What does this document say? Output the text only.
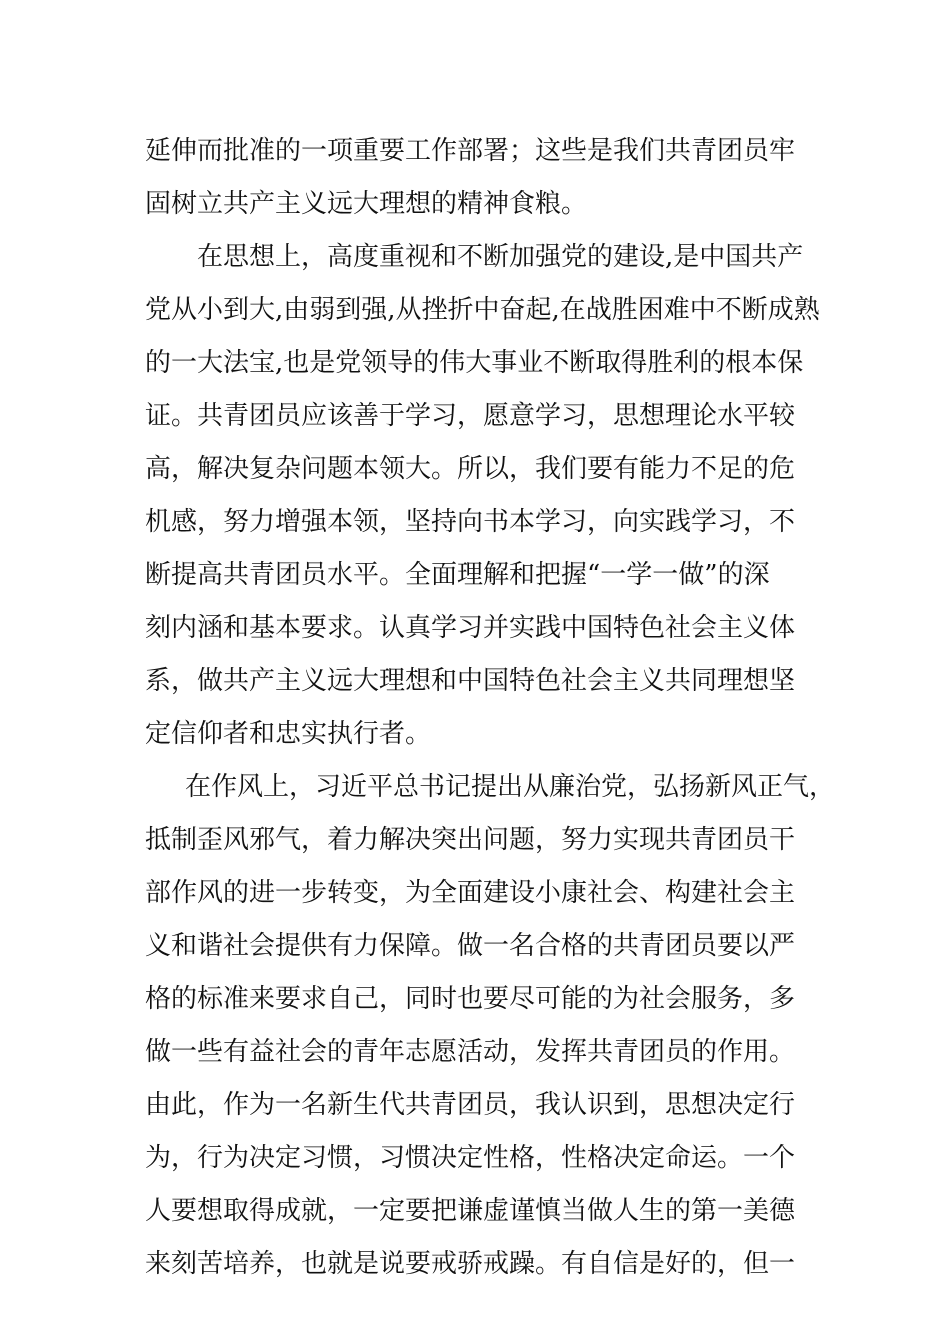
延伸而批准的一项重要工作部署；这些是我们共青团员牢
固树立共产主义远大理想的精神食粮。
在思想上，高度重视和不断加强党的建设,是中国共产
党从小到大,由弱到强,从挫折中奋起,在战胜困难中不断成熟
的一大法宝,也是党领导的伟大事业不断取得胜利的根本保
证。共青团员应该善于学习，愿意学习，思想理论水平较
高，解决复杂问题本领大。所以，我们要有能力不足的危
机感，努力增强本领，坚持向书本学习，向实践学习，不
断提高共青团员水平。全面理解和把握“一学一做”的深
刻内涵和基本要求。认真学习并实践中国特色社会主义体
系，做共产主义远大理想和中国特色社会主义共同理想坚
定信仰者和忠实执行者。
在作风上，习近平总书记提出从廉治党，弘扬新风正气，
抵制歪风邪气，着力解决突出问题，努力实现共青团员干
部作风的进一步转变，为全面建设小康社会、构建社会主
义和谐社会提供有力保障。做一名合格的共青团员要以严
格的标准来要求自己，同时也要尽可能的为社会服务，多
做一些有益社会的青年志愿活动，发挥共青团员的作用。
由此，作为一名新生代共青团员，我认识到，思想决定行
为，行为决定习惯，习惯决定性格，性格决定命运。一个
人要想取得成就，一定要把谦虚谨慎当做人生的第一美德
来刻苦培养，也就是说要戒骄戒躁。有自信是好的，但一
